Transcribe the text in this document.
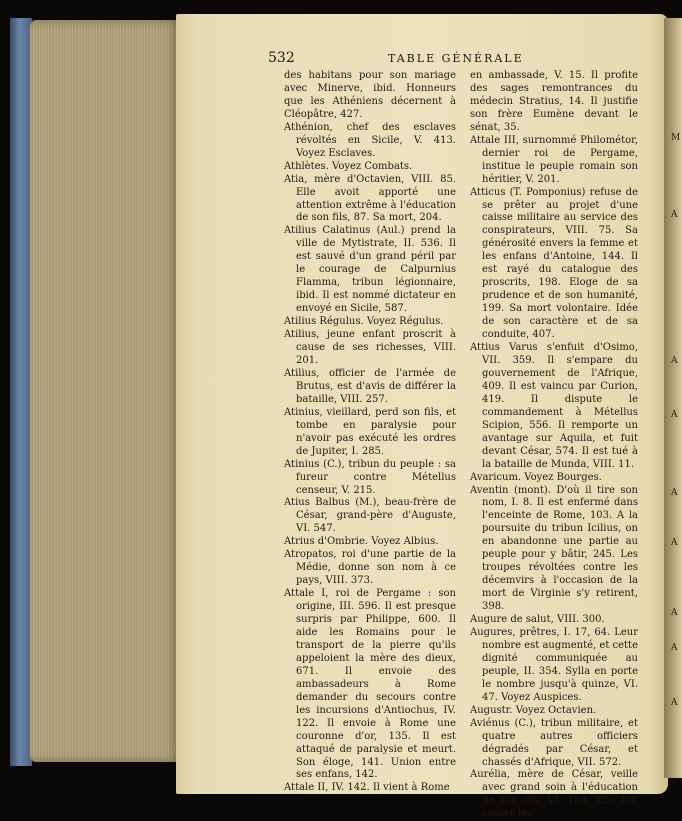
M
A
A
A
A
A
A
A
A
532	TABLE GÉNÉRALE
des habitans pour son mariage avec Minerve, ibid. Honneurs que les Athéniens décernent à Cléopâtre, 427.
Athénion, chef des esclaves révoltés en Sicile, V. 413. Voyez Esclaves.
Athlètes. Voyez Combats.
Atia, mère d'Octavien, VIII. 85. Elle avoit apporté une attention extrême à l'éducation de son fils, 87. Sa mort, 204.
Atilius Calatinus (Aul.) prend la ville de Mytistrate, II. 536. Il est sauvé d'un grand péril par le courage de Calpurnius Flamma, tribun légionnaire, ibid. Il est nommé dictateur en envoyé en Sicile, 587.
Atilius Régulus. Voyez Régulus.
Atilius, jeune enfant proscrit à cause de ses richesses, VIII. 201.
Atilius, officier de l'armée de Brutus, est d'avis de différer la bataille, VIII. 257.
Atinius, vieillard, perd son fils, et tombe en paralysie pour n'avoir pas exécuté les ordres de Jupiter, I. 285.
Atinius (C.), tribun du peuple : sa fureur contre Métellus censeur, V. 215.
Atius Balbus (M.), beau-frère de César, grand-père d'Auguste, VI. 547.
Atrius d'Ombrie. Voyez Albius.
Atropatos, roi d'une partie de la Médie, donne son nom à ce pays, VIII. 373.
Attale I, roi de Pergame : son origine, III. 596. Il est presque surpris par Philippe, 600. Il aide les Romains pour le transport de la pierre qu'ils appeloient la mère des dieux, 671. Il envoie des ambassadeurs à Rome demander du secours contre les incursions d'Antiochus, IV. 122. Il envoie à Rome une couronne d'or, 135. Il est attaqué de paralysie et meurt. Son éloge, 141. Union entre ses enfans, 142.
Attale II, IV. 142. Il vient à Rome
en ambassade, V. 15. Il profite des sages remontrances du médecin Stratius, 14. Il justifie son frère Eumène devant le sénat, 35.
Attale III, surnommé Philométor, dernier roi de Pergame, institue le peuple romain son héritier, V. 201.
Atticus (T. Pomponius) refuse de se prêter au projet d'une caisse militaire au service des conspirateurs, VIII. 75. Sa générosité envers la femme et les enfans d'Antoine, 144. Il est rayé du catalogue des proscrits, 198. Eloge de sa prudence et de son humanité, 199. Sa mort volontaire. Idée de son caractère et de sa conduite, 407.
Attius Varus s'enfuit d'Osimo, VII. 359. Il s'empare du gouvernement de l'Afrique, 409. Il est vaincu par Curion, 419. Il dispute le commandement à Métellus Scipion, 556. Il remporte un avantage sur Aquila, et fuit devant César, 574. Il est tué à la bataille de Munda, VIII. 11.
Avaricum. Voyez Bourges.
Aventin (mont). D'où il tire son nom, I. 8. Il est enfermé dans l'enceinte de Rome, 103. A la poursuite du tribun Icilius, on en abandonne une partie au peuple pour y bâtir, 245. Les troupes révoltées contre les décemvirs à l'occasion de la mort de Virginie s'y retirent, 398.
Augure de salut, VIII. 300.
Augures, prêtres, I. 17, 64. Leur nombre est augmenté, et cette dignité communiquée au peuple, II. 354. Sylla en porte le nombre jusqu'à quinze, VI. 47. Voyez Auspices.
Augustr. Voyez Octavien.
Aviénus (C.), tribun militaire, et quatre autres officiers dégradés par César, et chassés d'Afrique, VII. 572.
Aurélia, mère de César, veille avec grand soin à l'éducation de son fils, VI. 154. Elle fait cesser les
